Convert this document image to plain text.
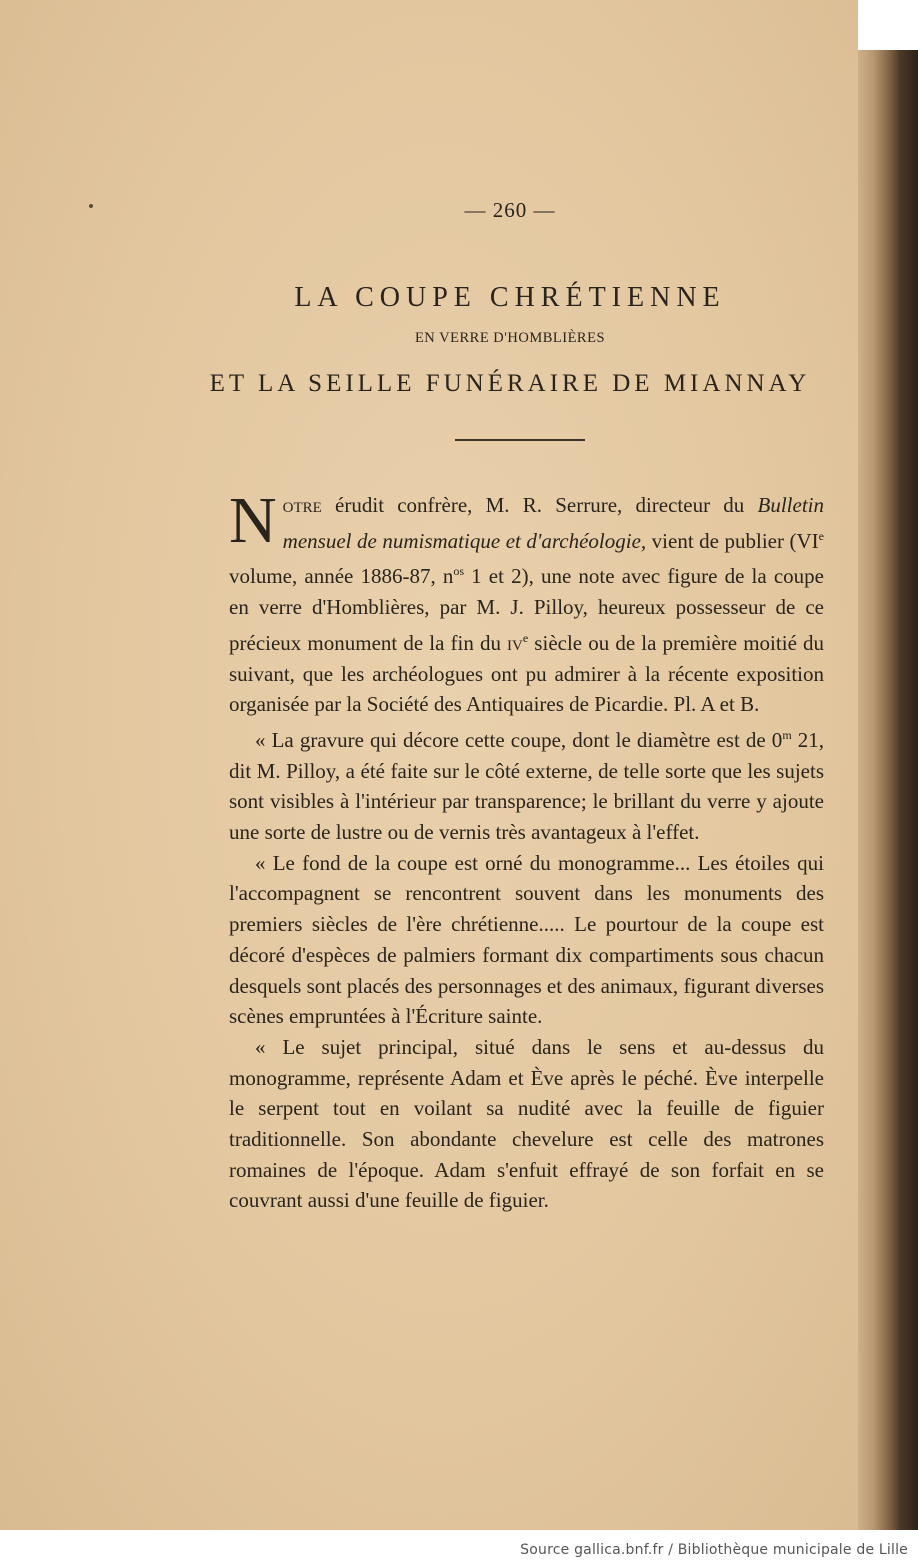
— 260 —
LA COUPE CHRÉTIENNE
EN VERRE D'HOMBLIÈRES
ET LA SEILLE FUNÉRAIRE DE MIANNAY

Notre érudit confrère, M. R. Serrure, directeur du Bulletin mensuel de numismatique et d'archéologie, vient de publier (VIe volume, année 1886-87, $n^{os}$ 1 et 2), une note avec figure de la coupe en verre d'Homblières, par M. J. Pilloy, heureux possesseur de ce précieux monument de la fin du $iv^e$ siècle ou de la première moitié du suivant, que les archéologues ont pu admirer à la récente exposition organisée par la Société des Antiquaires de Picardie. Pl. A et B.

« La gravure qui décore cette coupe, dont le diamètre est de 0$^m$ 21, dit M. Pilloy, a été faite sur le côté externe, de telle sorte que les sujets sont visibles à l'intérieur par transparence; le brillant du verre y ajoute une sorte de lustre ou de vernis très avantageux à l'effet.

« Le fond de la coupe est orné du monogramme... Les étoiles qui l'accompagnent se rencontrent souvent dans les monuments des premiers siècles de l'ère chrétienne..... Le pourtour de la coupe est décoré d'espèces de palmiers formant dix compartiments sous chacun desquels sont placés des personnages et des animaux, figurant diverses scènes empruntées à l'Écriture sainte.

« Le sujet principal, situé dans le sens et au-dessus du monogramme, représente Adam et Ève après le péché. Ève interpelle le serpent tout en voilant sa nudité avec la feuille de figuier traditionnelle. Son abondante chevelure est celle des matrones romaines de l'époque. Adam s'enfuit effrayé de son forfait en se couvrant aussi d'une feuille de figuier.

Source gallica.bnf.fr / Bibliothèque municipale de Lille
